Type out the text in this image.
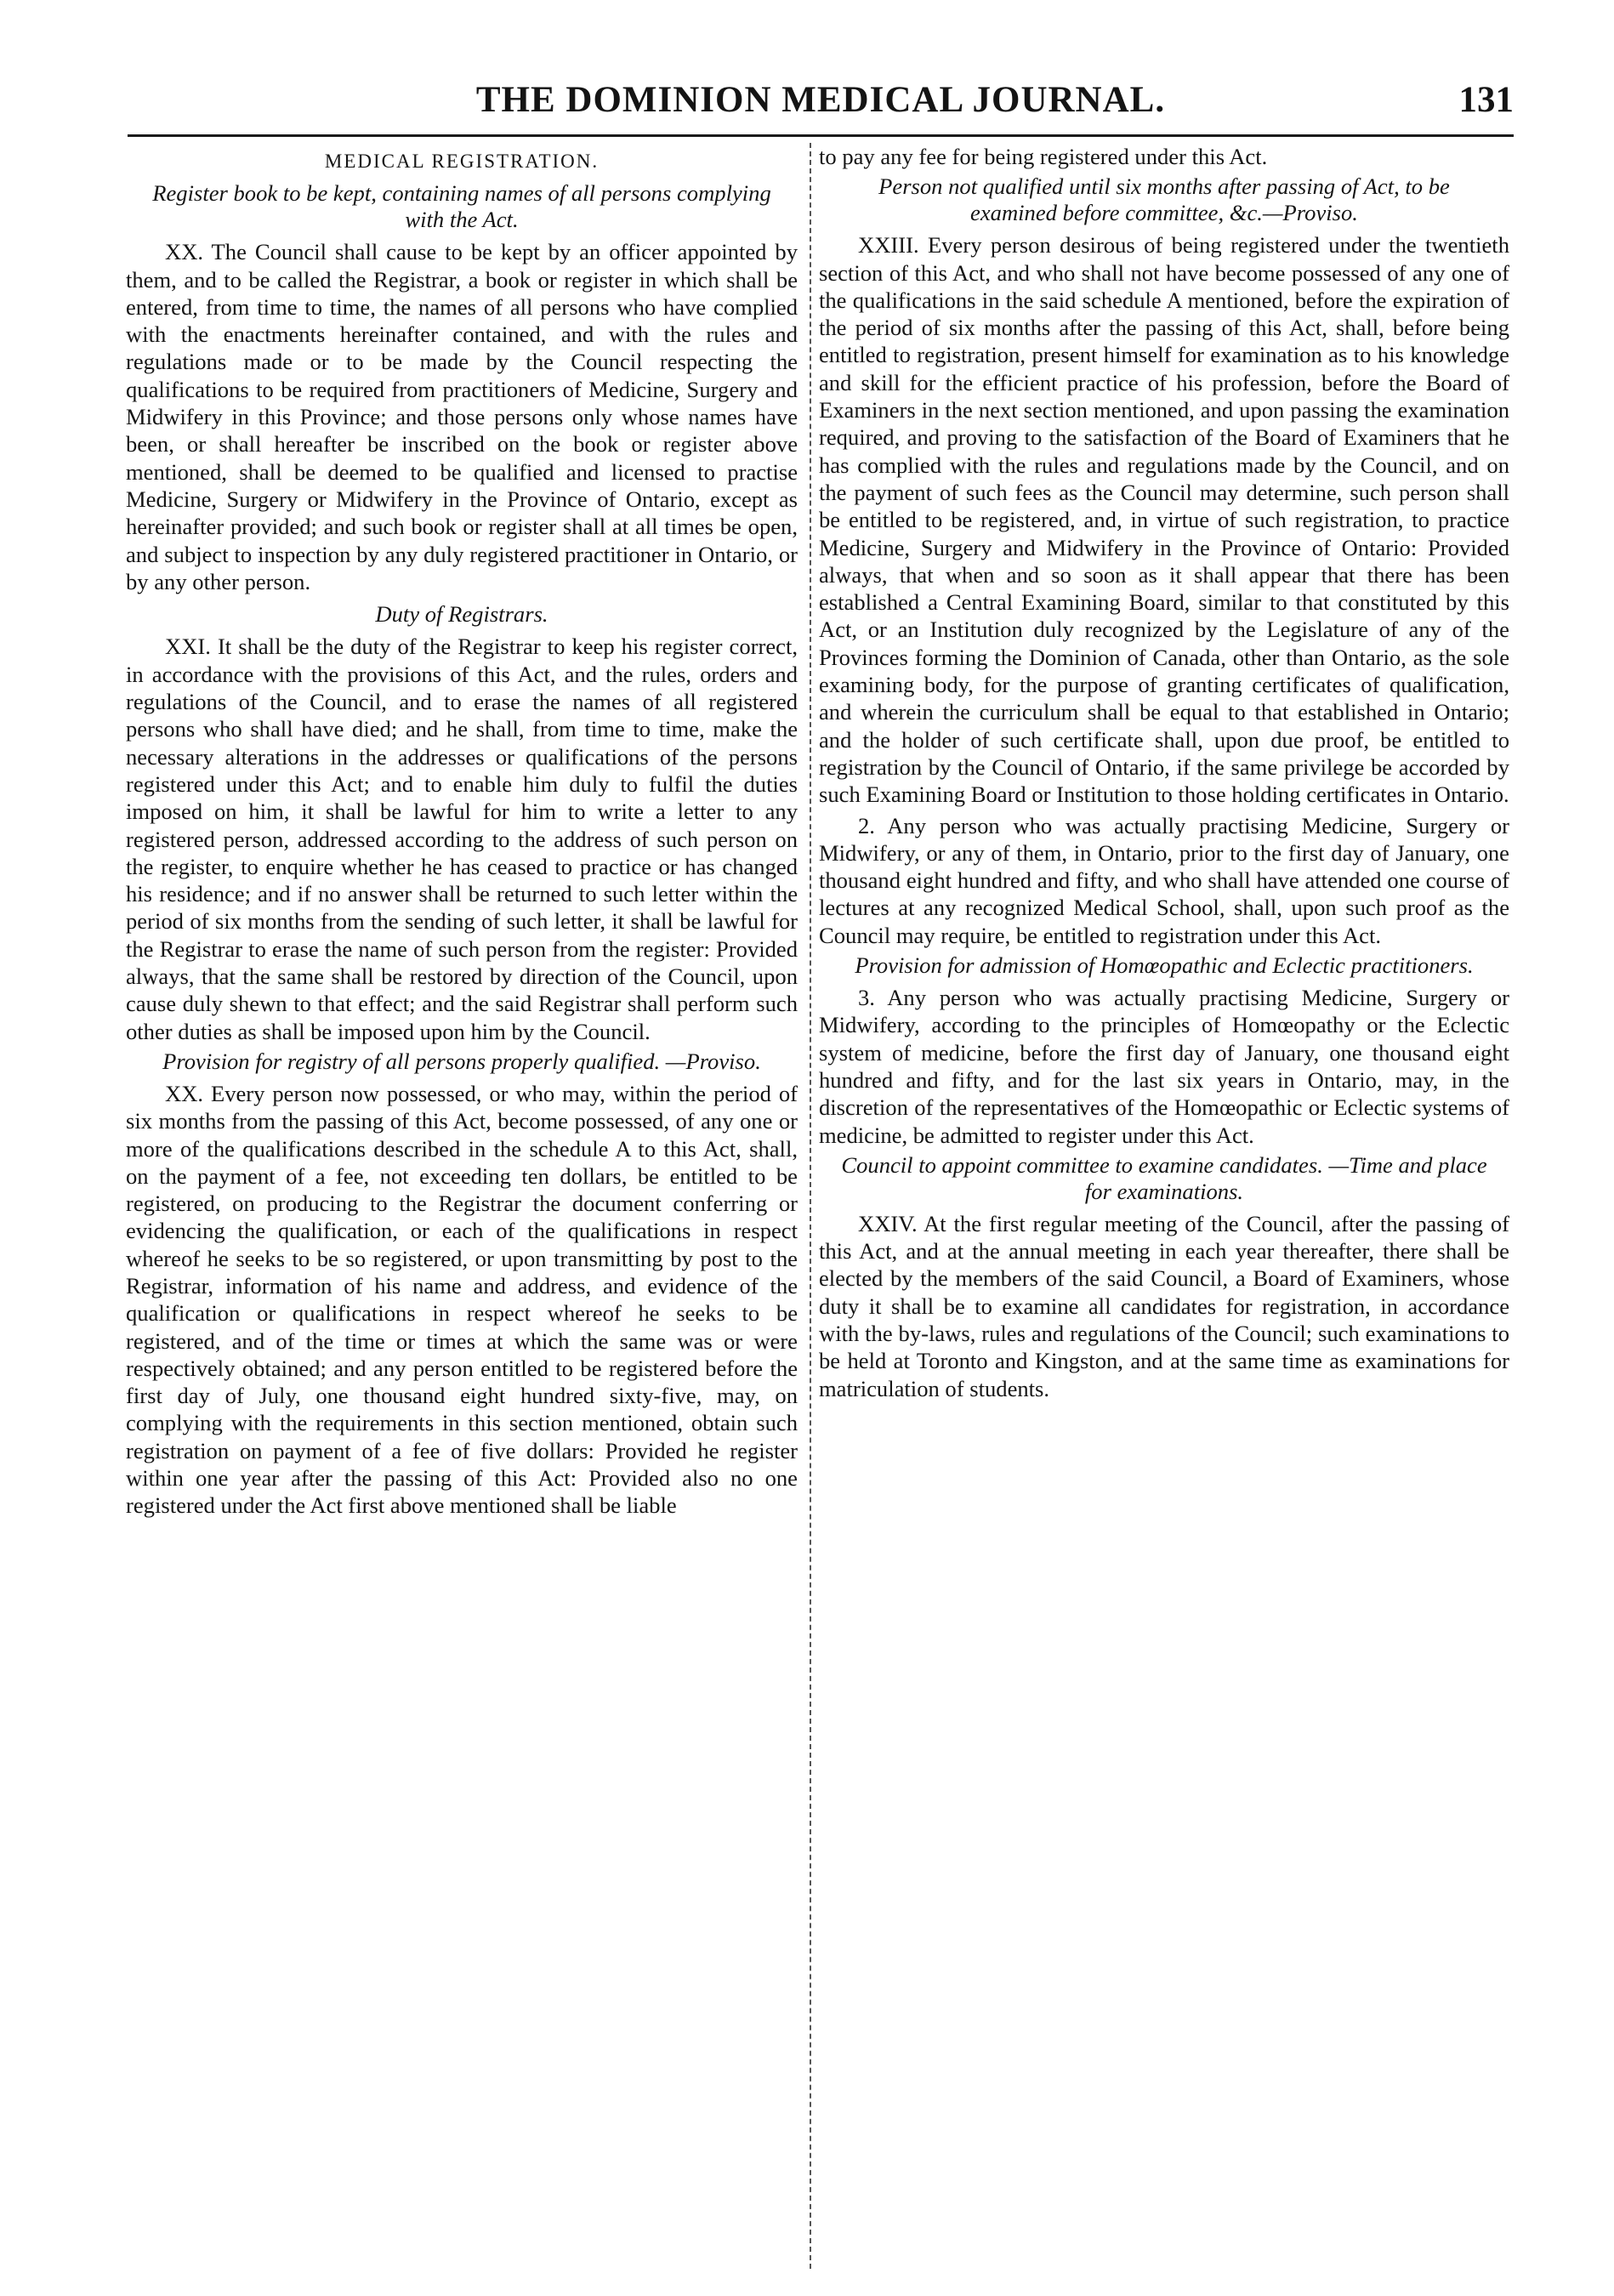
THE DOMINION MEDICAL JOURNAL.	131
MEDICAL REGISTRATION.
Register book to be kept, containing names of all persons complying with the Act.

XX. The Council shall cause to be kept by an officer appointed by them, and to be called the Registrar, a book or register in which shall be entered, from time to time, the names of all persons who have complied with the enactments hereinafter contained, and with the rules and regulations made or to be made by the Council respecting the qualifications to be required from practitioners of Medicine, Surgery and Midwifery in this Province; and those persons only whose names have been, or shall hereafter be inscribed on the book or register above mentioned, shall be deemed to be qualified and licensed to practise Medicine, Surgery or Midwifery in the Province of Ontario, except as hereinafter provided; and such book or register shall at all times be open, and subject to inspection by any duly registered practitioner in Ontario, or by any other person.

Duty of Registrars.

XXI. It shall be the duty of the Registrar to keep his register correct, in accordance with the provisions of this Act, and the rules, orders and regulations of the Council, and to erase the names of all registered persons who shall have died; and he shall, from time to time, make the necessary alterations in the addresses or qualifications of the persons registered under this Act; and to enable him duly to fulfil the duties imposed on him, it shall be lawful for him to write a letter to any registered person, addressed according to the address of such person on the register, to enquire whether he has ceased to practice or has changed his residence; and if no answer shall be returned to such letter within the period of six months from the sending of such letter, it shall be lawful for the Registrar to erase the name of such person from the register: Provided always, that the same shall be restored by direction of the Council, upon cause duly shewn to that effect; and the said Registrar shall perform such other duties as shall be imposed upon him by the Council.

Provision for registry of all persons properly qualified. —Proviso.

XX. Every person now possessed, or who may, within the period of six months from the passing of this Act, become possessed, of any one or more of the qualifications described in the schedule A to this Act, shall, on the payment of a fee, not exceeding ten dollars, be entitled to be registered, on producing to the Registrar the document conferring or evidencing the qualification, or each of the qualifications in respect whereof he seeks to be so registered, or upon transmitting by post to the Registrar, information of his name and address, and evidence of the qualification or qualifications in respect whereof he seeks to be registered, and of the time or times at which the same was or were respectively obtained; and any person entitled to be registered before the first day of July, one thousand eight hundred sixty-five, may, on complying with the requirements in this section mentioned, obtain such registration on payment of a fee of five dollars: Provided he register within one year after the passing of this Act: Provided also no one registered under the Act first above mentioned shall be liable

to pay any fee for being registered under this Act.

Person not qualified until six months after passing of Act, to be examined before committee, &c.—Proviso.

XXIII. Every person desirous of being registered under the twentieth section of this Act, and who shall not have become possessed of any one of the qualifications in the said schedule A mentioned, before the expiration of the period of six months after the passing of this Act, shall, before being entitled to registration, present himself for examination as to his knowledge and skill for the efficient practice of his profession, before the Board of Examiners in the next section mentioned, and upon passing the examination required, and proving to the satisfaction of the Board of Examiners that he has complied with the rules and regulations made by the Council, and on the payment of such fees as the Council may determine, such person shall be entitled to be registered, and, in virtue of such registration, to practice Medicine, Surgery and Midwifery in the Province of Ontario: Provided always, that when and so soon as it shall appear that there has been established a Central Examining Board, similar to that constituted by this Act, or an Institution duly recognized by the Legislature of any of the Provinces forming the Dominion of Canada, other than Ontario, as the sole examining body, for the purpose of granting certificates of qualification, and wherein the curriculum shall be equal to that established in Ontario; and the holder of such certificate shall, upon due proof, be entitled to registration by the Council of Ontario, if the same privilege be accorded by such Examining Board or Institution to those holding certificates in Ontario.

2. Any person who was actually practising Medicine, Surgery or Midwifery, or any of them, in Ontario, prior to the first day of January, one thousand eight hundred and fifty, and who shall have attended one course of lectures at any recognized Medical School, shall, upon such proof as the Council may require, be entitled to registration under this Act.

Provision for admission of Homœopathic and Eclectic practitioners.

3. Any person who was actually practising Medicine, Surgery or Midwifery, according to the principles of Homœopathy or the Eclectic system of medicine, before the first day of January, one thousand eight hundred and fifty, and for the last six years in Ontario, may, in the discretion of the representatives of the Homœopathic or Eclectic systems of medicine, be admitted to register under this Act.

Council to appoint committee to examine candidates. —Time and place for examinations.

XXIV. At the first regular meeting of the Council, after the passing of this Act, and at the annual meeting in each year thereafter, there shall be elected by the members of the said Council, a Board of Examiners, whose duty it shall be to examine all candidates for registration, in accordance with the by-laws, rules and regulations of the Council; such examinations to be held at Toronto and Kingston, and at the same time as examinations for matriculation of students.
